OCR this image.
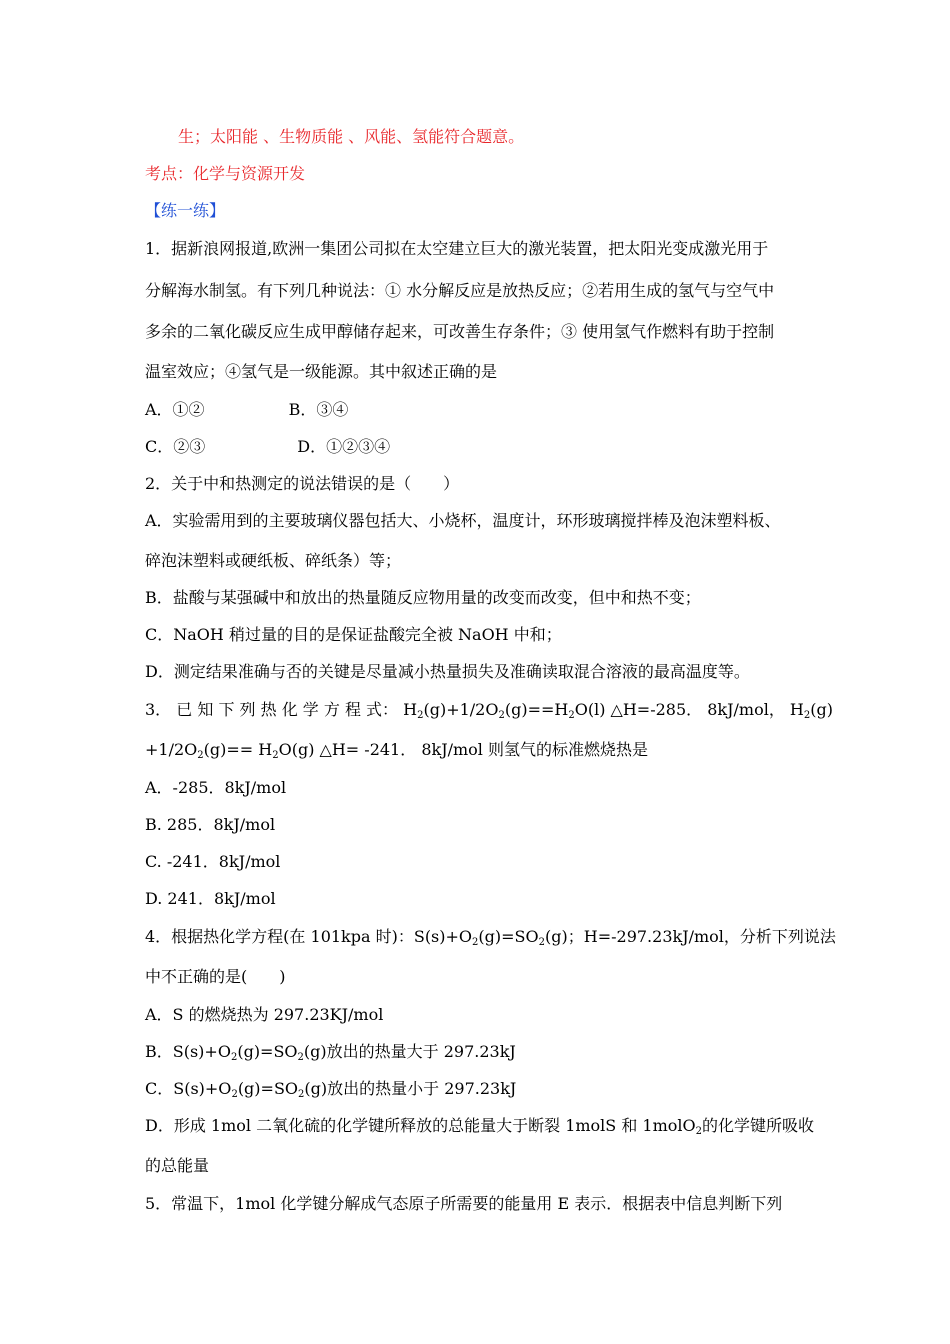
生；太阳能 、生物质能 、风能、氢能符合题意。
考点：化学与资源开发
【练一练】
1．据新浪网报道,欧洲一集团公司拟在太空建立巨大的激光装置，把太阳光变成激光用于
分解海水制氢。有下列几种说法：① 水分解反应是放热反应；②若用生成的氢气与空气中
多余的二氧化碳反应生成甲醇储存起来，可改善生存条件；③ 使用氢气作燃料有助于控制
温室效应；④氢气是一级能源。其中叙述正确的是
A．①②	B．③④
C．②③	D．①②③④
2．关于中和热测定的说法错误的是（　　）
A．实验需用到的主要玻璃仪器包括大、小烧杯，温度计，环形玻璃搅拌棒及泡沫塑料板、
碎泡沫塑料或硬纸板、碎纸条）等；
B．盐酸与某强碱中和放出的热量随反应物用量的改变而改变，但中和热不变；
C．NaOH 稍过量的目的是保证盐酸完全被 NaOH 中和；
D．测定结果准确与否的关键是尽量减小热量损失及准确读取混合溶液的最高温度等。
3． 已 知 下 列 热 化 学 方 程 式： $H_2(g)+1/2O_2(g)==H_2O(l)$ △H=-285． 8kJ/mol， $H_2(g)$
$+1/2O_2(g)== H_2O(g)$ △H= -241． 8kJ/mol 则氢气的标准燃烧热是
A．-285．8kJ/mol
B. 285．8kJ/mol
C. -241．8kJ/mol
D. 241．8kJ/mol
4．根据热化学方程(在 101kpa 时)：$S(s)+O_2(g)=SO_2(g)$；H=-297.23kJ/mol，分析下列说法
中不正确的是(　　)
A．S 的燃烧热为 297.23KJ/mol
B．$S(s)+O_2(g)=SO_2(g)$放出的热量大于 297.23kJ
C．$S(s)+O_2(g)=SO_2(g)$放出的热量小于 297.23kJ
D．形成 1mol 二氧化硫的化学键所释放的总能量大于断裂 1molS 和 1molO$_2$的化学键所吸收
的总能量
5．常温下，1mol 化学键分解成气态原子所需要的能量用 E 表示．根据表中信息判断下列
